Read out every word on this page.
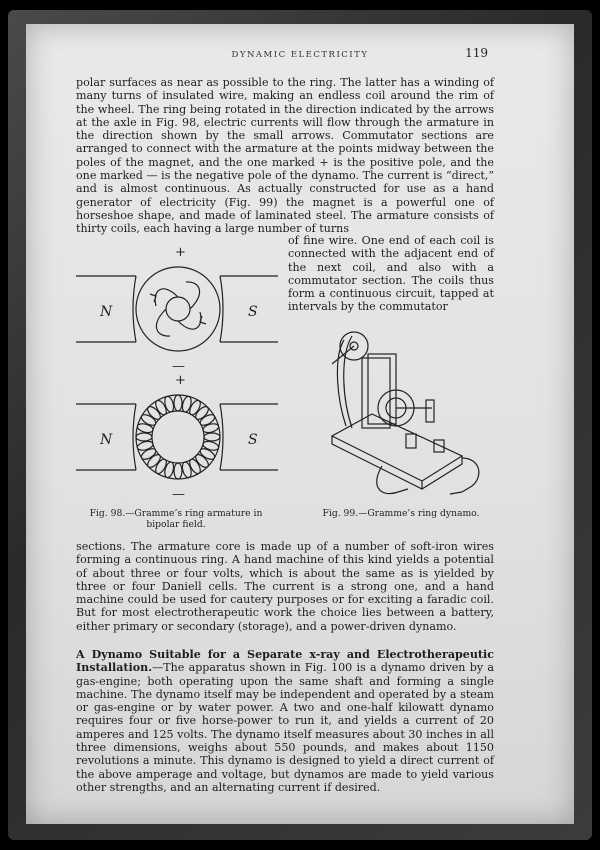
DYNAMIC ELECTRICITY	119

polar surfaces as near as possible to the ring. The latter has a winding of many turns of insulated wire, making an endless coil around the rim of the wheel. The ring being rotated in the direction indicated by the arrows at the axle in Fig. 98, electric currents will flow through the armature in the direction shown by the small arrows. Commutator sections are arranged to connect with the armature at the points midway between the poles of the magnet, and the one marked + is the positive pole, and the one marked — is the negative pole of the dynamo. The current is “direct,” and is almost continuous. As actually constructed for use as a hand generator of electricity (Fig. 99) the magnet is a powerful one of horseshoe shape, and made of laminated steel. The armature consists of thirty coils, each having a large number of turns

of fine wire. One end of each coil is connected with the adjacent end of the next coil, and also with a commutator section. The coils thus form a continuous circuit, tapped at intervals by the commutator

+
—
N	S
+
—
N	S

Fig. 98.—Gramme’s ring armature in bipolar field.

Fig. 99.—Gramme’s ring dynamo.

sections. The armature core is made up of a number of soft-iron wires forming a continuous ring. A hand machine of this kind yields a potential of about three or four volts, which is about the same as is yielded by three or four Daniell cells. The current is a strong one, and a hand machine could be used for cautery purposes or for exciting a faradic coil. But for most electrotherapeutic work the choice lies between a battery, either primary or secondary (storage), and a power-driven dynamo.

A Dynamo Suitable for a Separate x-ray and Electrotherapeutic Installation.—The apparatus shown in Fig. 100 is a dynamo driven by a gas-engine; both operating upon the same shaft and forming a single machine. The dynamo itself may be independent and operated by a steam or gas-engine or by water power. A two and one-half kilowatt dynamo requires four or five horse-power to run it, and yields a current of 20 amperes and 125 volts. The dynamo itself measures about 30 inches in all three dimensions, weighs about 550 pounds, and makes about 1150 revolutions a minute. This dynamo is designed to yield a direct current of the above amperage and voltage, but dynamos are made to yield various other strengths, and an alternating current if desired.
